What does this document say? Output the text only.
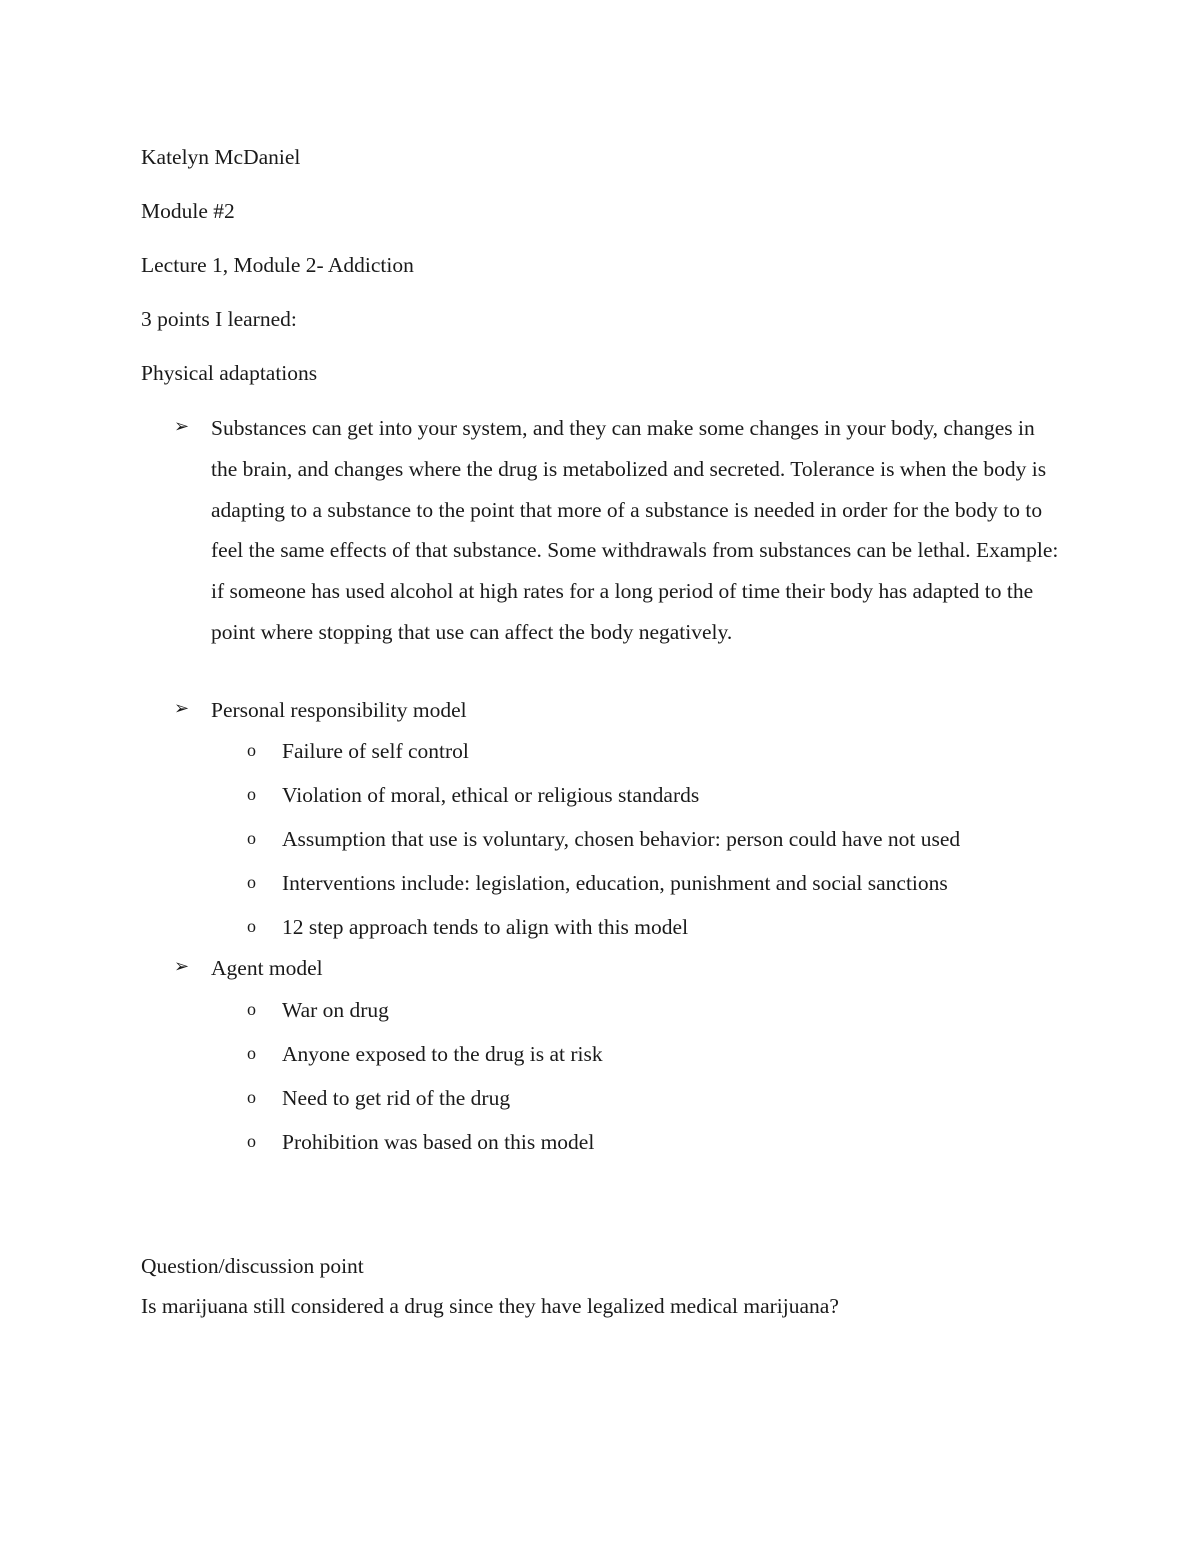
Katelyn McDaniel
Module #2
Lecture 1, Module 2- Addiction
3 points I learned:
Physical adaptations
➢	Substances can get into your system, and they can make some changes in your body, changes in the brain, and changes where the drug is metabolized and secreted. Tolerance is when the body is adapting to a substance to the point that more of a substance is needed in order for the body to to feel the same effects of that substance. Some withdrawals from substances can be lethal. Example: if someone has used alcohol at high rates for a long period of time their body has adapted to the point where stopping that use can affect the body negatively.
➢	Personal responsibility model
o	Failure of self control
o	Violation of moral, ethical or religious standards
o	Assumption that use is voluntary, chosen behavior: person could have not used
o	Interventions include: legislation, education, punishment and social sanctions
o	12 step approach tends to align with this model
➢	Agent model
o	War on drug
o	Anyone exposed to the drug is at risk
o	Need to get rid of the drug
o	Prohibition was based on this model
Question/discussion point
Is marijuana still considered a drug since they have legalized medical marijuana?
